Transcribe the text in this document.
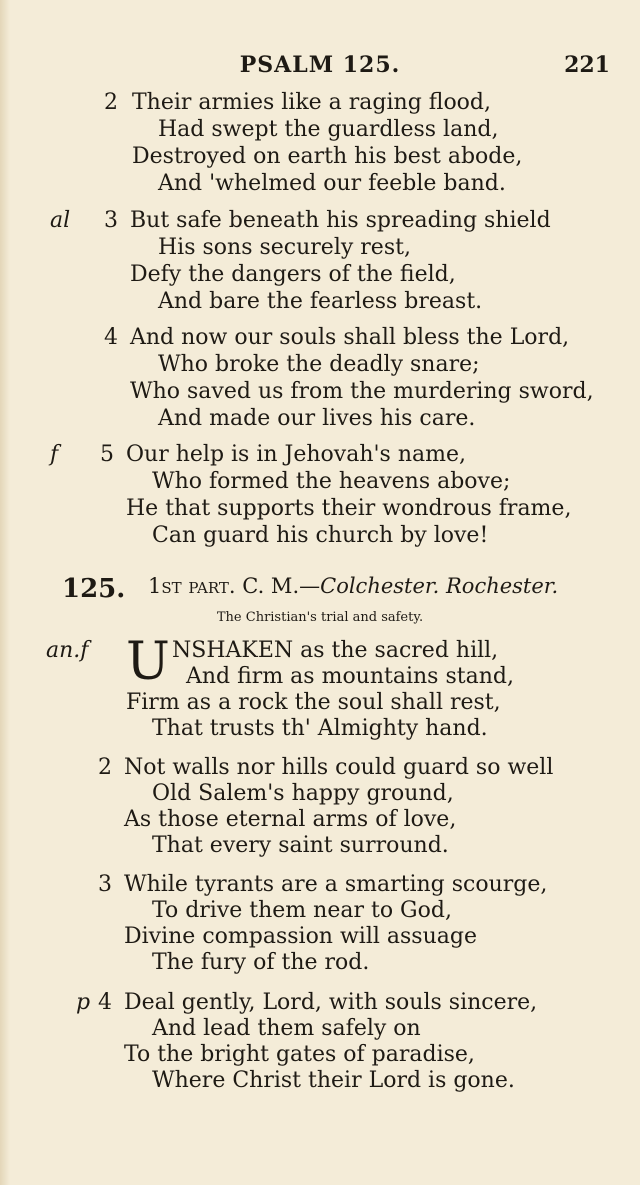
PSALM 125.	221
2 Their armies like a raging flood,
Had swept the guardless land,
Destroyed on earth his best abode,
And 'whelmed our feeble band.
al 3 But safe beneath his spreading shield
His sons securely rest,
Defy the dangers of the field,
And bare the fearless breast.
4 And now our souls shall bless the Lord,
Who broke the deadly snare;
Who saved us from the murdering sword,
And made our lives his care.
f 5 Our help is in Jehovah's name,
Who formed the heavens above;
He that supports their wondrous frame,
Can guard his church by love!
125. 1st part. C. M.—Colchester. Rochester.
The Christian's trial and safety.
an.f U NSHAKEN as the sacred hill,
And firm as mountains stand,
Firm as a rock the soul shall rest,
That trusts th' Almighty hand.
2 Not walls nor hills could guard so well
Old Salem's happy ground,
As those eternal arms of love,
That every saint surround.
3 While tyrants are a smarting scourge,
To drive them near to God,
Divine compassion will assuage
The fury of the rod.
p 4 Deal gently, Lord, with souls sincere,
And lead them safely on
To the bright gates of paradise,
Where Christ their Lord is gone.
